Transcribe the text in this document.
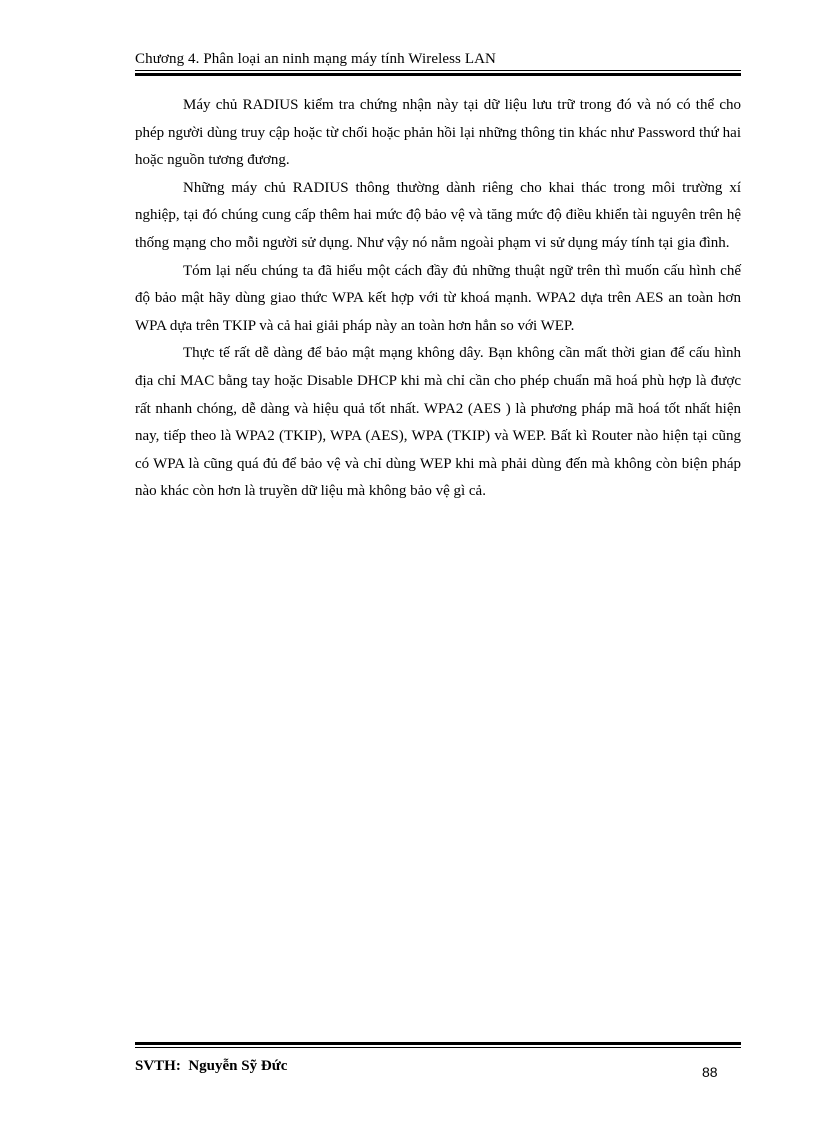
Chương 4. Phân loại an ninh mạng máy tính Wireless LAN

Máy chủ RADIUS kiểm tra chứng nhận này tại dữ liệu lưu trữ trong đó và nó có thể cho phép người dùng truy cập hoặc từ chối hoặc phản hồi lại những thông tin khác như Password thứ hai hoặc nguồn tương đương.

Những máy chủ RADIUS thông thường dành riêng cho khai thác trong môi trường xí nghiệp, tại đó chúng cung cấp thêm hai mức độ bảo vệ và tăng mức độ điều khiển tài nguyên trên hệ thống mạng cho mỗi người sử dụng. Như vậy nó nằm ngoài phạm vi sử dụng máy tính tại gia đình.

Tóm lại nếu chúng ta đã hiểu một cách đầy đủ những thuật ngữ trên thì muốn cấu hình chế độ bảo mật hãy dùng giao thức WPA kết hợp với từ khoá mạnh. WPA2 dựa trên AES an toàn hơn WPA dựa trên TKIP và cả hai giải pháp này an toàn hơn hẳn so với WEP.

Thực tế rất dễ dàng để bảo mật mạng không dây. Bạn không cần mất thời gian để cấu hình địa chỉ MAC bằng tay hoặc Disable DHCP khi mà chỉ cần cho phép chuẩn mã hoá phù hợp là được rất nhanh chóng, dễ dàng và hiệu quả tốt nhất. WPA2 (AES ) là phương pháp mã hoá tốt nhất hiện nay, tiếp theo là WPA2 (TKIP), WPA (AES), WPA (TKIP) và WEP. Bất kì Router nào hiện tại cũng có WPA là cũng quá đủ để bảo vệ và chỉ dùng WEP khi mà phải dùng đến mà không còn biện pháp nào khác còn hơn là truyền dữ liệu mà không bảo vệ gì cả.

SVTH:  Nguyễn Sỹ Đức	88
